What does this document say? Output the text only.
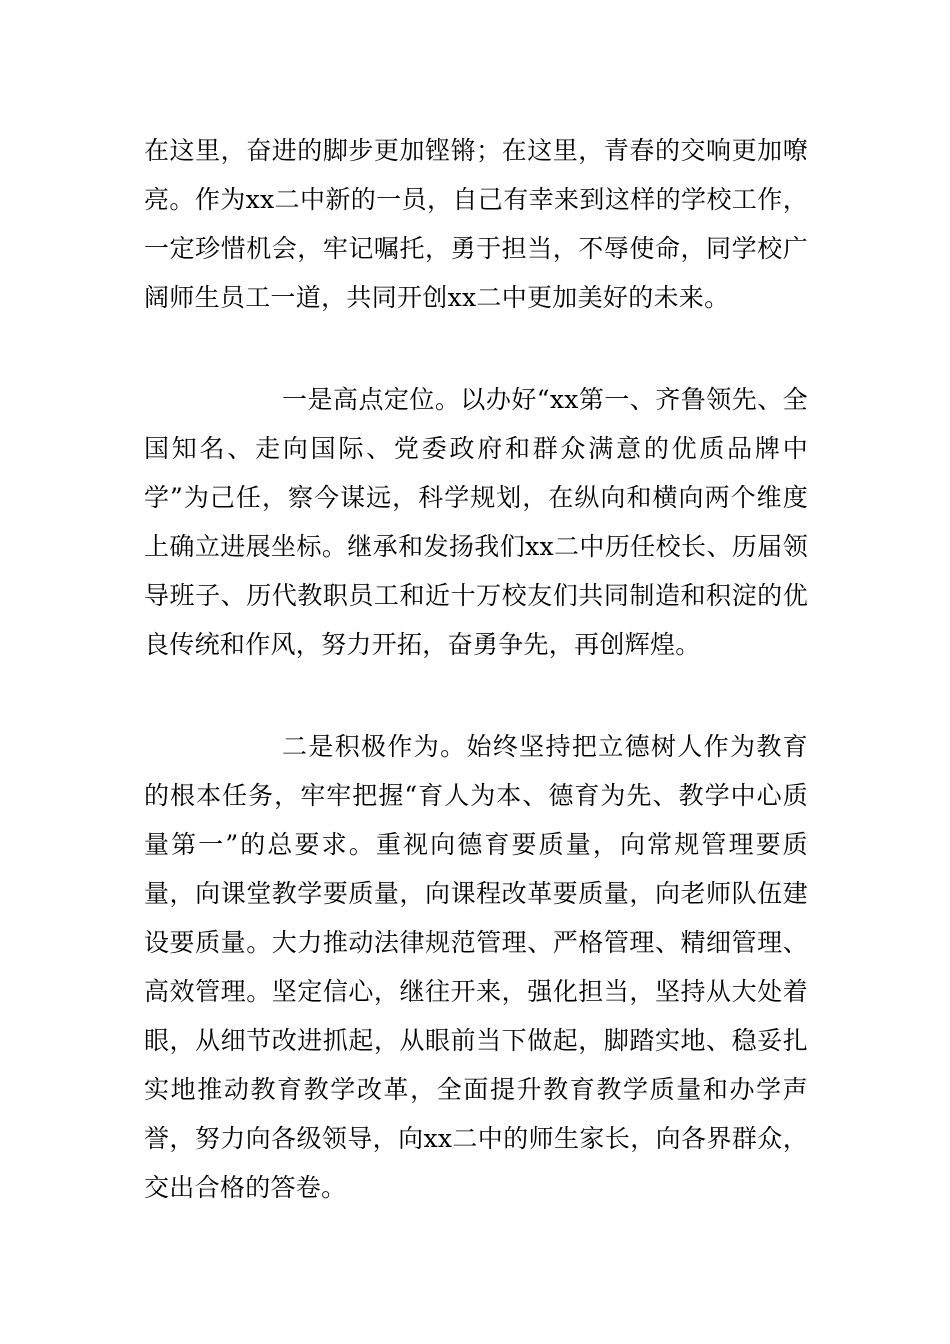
在这里，奋进的脚步更加铿锵；在这里，青春的交响更加嘹亮。作为xx二中新的一员，自己有幸来到这样的学校工作，一定珍惜机会，牢记嘱托，勇于担当，不辱使命，同学校广阔师生员工一道，共同开创xx二中更加美好的未来。

一是高点定位。以办好“xx第一、齐鲁领先、全国知名、走向国际、党委政府和群众满意的优质品牌中学”为己任，察今谋远，科学规划，在纵向和横向两个维度上确立进展坐标。继承和发扬我们xx二中历任校长、历届领导班子、历代教职员工和近十万校友们共同制造和积淀的优良传统和作风，努力开拓，奋勇争先，再创辉煌。

二是积极作为。始终坚持把立德树人作为教育的根本任务，牢牢把握“育人为本、德育为先、教学中心质量第一”的总要求。重视向德育要质量，向常规管理要质量，向课堂教学要质量，向课程改革要质量，向老师队伍建设要质量。大力推动法律规范管理、严格管理、精细管理、高效管理。坚定信心，继往开来，强化担当，坚持从大处着眼，从细节改进抓起，从眼前当下做起，脚踏实地、稳妥扎实地推动教育教学改革，全面提升教育教学质量和办学声誉，努力向各级领导，向xx二中的师生家长，向各界群众，交出合格的答卷。
